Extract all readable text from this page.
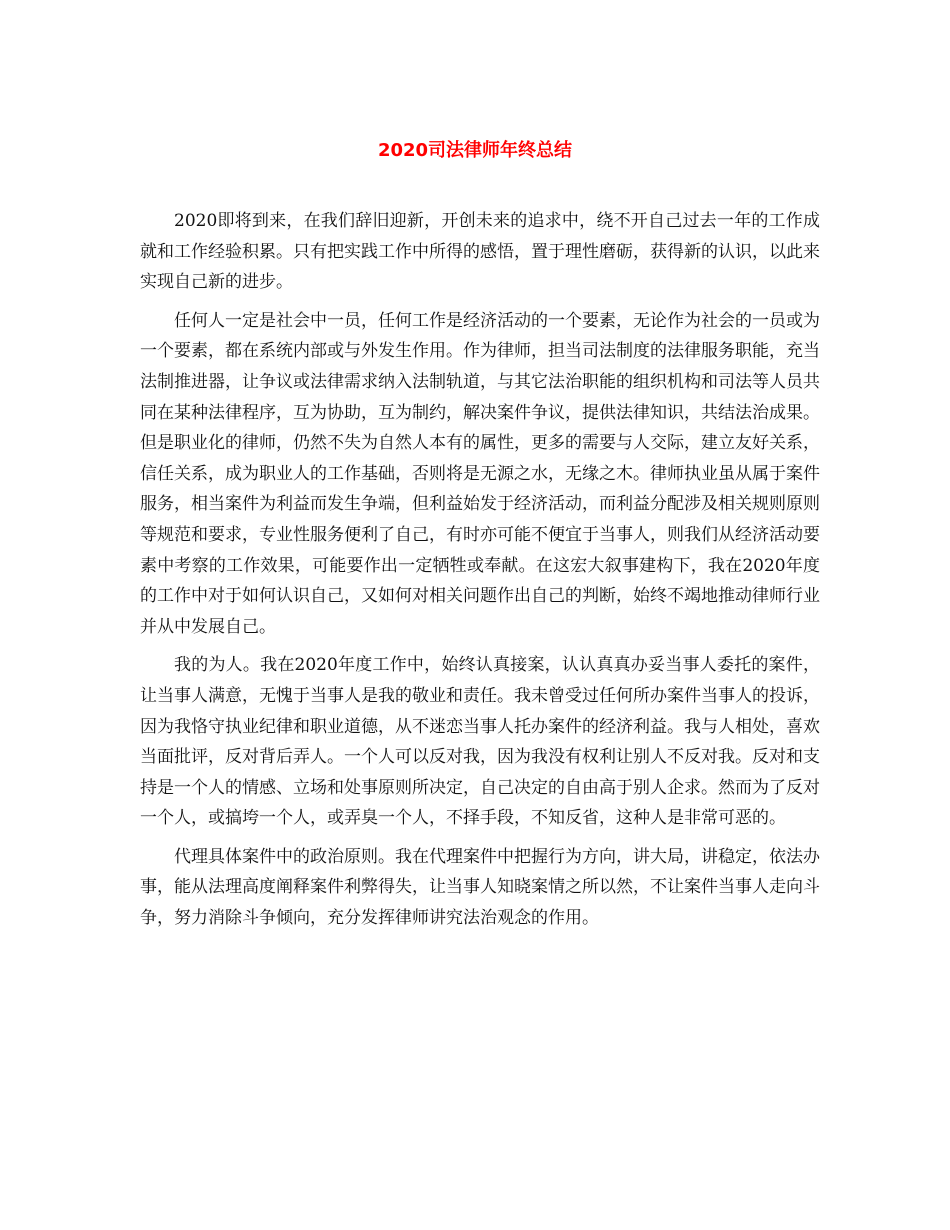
2020司法律师年终总结

2020即将到来，在我们辞旧迎新，开创未来的追求中，绕不开自己过去一年的工作成就和工作经验积累。只有把实践工作中所得的感悟，置于理性磨砺，获得新的认识，以此来实现自己新的进步。

任何人一定是社会中一员，任何工作是经济活动的一个要素，无论作为社会的一员或为一个要素，都在系统内部或与外发生作用。作为律师，担当司法制度的法律服务职能，充当法制推进器，让争议或法律需求纳入法制轨道，与其它法治职能的组织机构和司法等人员共同在某种法律程序，互为协助，互为制约，解决案件争议，提供法律知识，共结法治成果。但是职业化的律师，仍然不失为自然人本有的属性，更多的需要与人交际，建立友好关系，信任关系，成为职业人的工作基础，否则将是无源之水，无缘之木。律师执业虽从属于案件服务，相当案件为利益而发生争端，但利益始发于经济活动，而利益分配涉及相关规则原则等规范和要求，专业性服务便利了自己，有时亦可能不便宜于当事人，则我们从经济活动要素中考察的工作效果，可能要作出一定牺牲或奉献。在这宏大叙事建构下，我在2020年度的工作中对于如何认识自己，又如何对相关问题作出自己的判断，始终不竭地推动律师行业并从中发展自己。

我的为人。我在2020年度工作中，始终认真接案，认认真真办妥当事人委托的案件，让当事人满意，无愧于当事人是我的敬业和责任。我未曾受过任何所办案件当事人的投诉，因为我恪守执业纪律和职业道德，从不迷恋当事人托办案件的经济利益。我与人相处，喜欢当面批评，反对背后弄人。一个人可以反对我，因为我没有权利让别人不反对我。反对和支持是一个人的情感、立场和处事原则所决定，自己决定的自由高于别人企求。然而为了反对一个人，或搞垮一个人，或弄臭一个人，不择手段，不知反省，这种人是非常可恶的。

代理具体案件中的政治原则。我在代理案件中把握行为方向，讲大局，讲稳定，依法办事，能从法理高度阐释案件利弊得失，让当事人知晓案情之所以然，不让案件当事人走向斗争，努力消除斗争倾向，充分发挥律师讲究法治观念的作用。
